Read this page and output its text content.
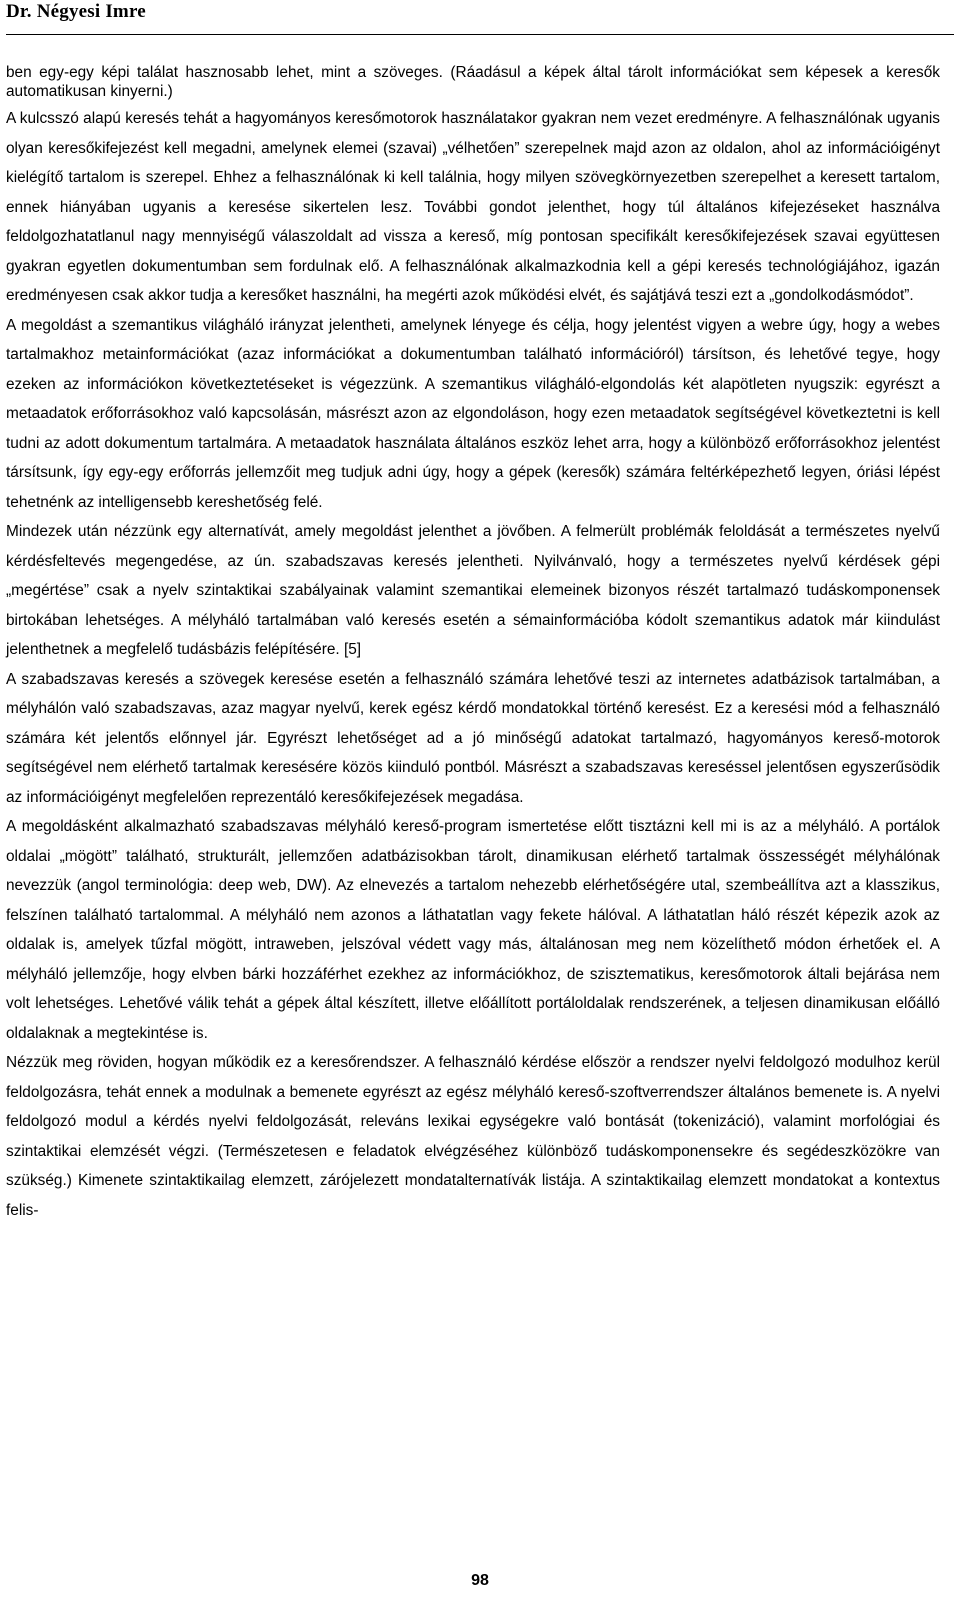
Dr. Négyesi Imre

ben egy-egy képi találat hasznosabb lehet, mint a szöveges. (Ráadásul a képek által tárolt információkat sem képesek a keresők automatikusan kinyerni.)

A kulcsszó alapú keresés tehát a hagyományos keresőmotorok használatakor gyakran nem vezet eredményre. A felhasználónak ugyanis olyan keresőkifejezést kell megadni, amelynek elemei (szavai) „vélhetően” szerepelnek majd azon az oldalon, ahol az információigényt kielégítő tartalom is szerepel. Ehhez a felhasználónak ki kell találnia, hogy milyen szövegkörnyezetben szerepelhet a keresett tartalom, ennek hiányában ugyanis a keresése sikertelen lesz. További gondot jelenthet, hogy túl általános kifejezéseket használva feldolgozhatatlanul nagy mennyiségű válaszoldalt ad vissza a kereső, míg pontosan specifikált keresőkifejezések szavai együttesen gyakran egyetlen dokumentumban sem fordulnak elő. A felhasználónak alkalmazkodnia kell a gépi keresés technológiájához, igazán eredményesen csak akkor tudja a keresőket használni, ha megérti azok működési elvét, és sajátjává teszi ezt a „gondolkodásmódot”.

A megoldást a szemantikus világháló irányzat jelentheti, amelynek lényege és célja, hogy jelentést vigyen a webre úgy, hogy a webes tartalmakhoz metainformációkat (azaz információkat a dokumentumban található információról) társítson, és lehetővé tegye, hogy ezeken az információkon következtetéseket is végezzünk. A szemantikus világháló-elgondolás két alapötleten nyugszik: egyrészt a metaadatok erőforrásokhoz való kapcsolásán, másrészt azon az elgondoláson, hogy ezen metaadatok segítségével következtetni is kell tudni az adott dokumentum tartalmára. A metaadatok használata általános eszköz lehet arra, hogy a különböző erőforrásokhoz jelentést társítsunk, így egy-egy erőforrás jellemzőit meg tudjuk adni úgy, hogy a gépek (keresők) számára feltérképezhető legyen, óriási lépést tehetnénk az intelligensebb kereshetőség felé.

Mindezek után nézzünk egy alternatívát, amely megoldást jelenthet a jövőben. A felmerült problémák feloldását a természetes nyelvű kérdésfeltevés megengedése, az ún. szabadszavas keresés jelentheti. Nyilvánvaló, hogy a természetes nyelvű kérdések gépi „megértése” csak a nyelv szintaktikai szabályainak valamint szemantikai elemeinek bizonyos részét tartalmazó tudáskomponensek birtokában lehetséges. A mélyháló tartalmában való keresés esetén a sémainformációba kódolt szemantikus adatok már kiindulást jelenthetnek a megfelelő tudásbázis felépítésére. [5]

A szabadszavas keresés a szövegek keresése esetén a felhasználó számára lehetővé teszi az internetes adatbázisok tartalmában, a mélyhálón való szabadszavas, azaz magyar nyelvű, kerek egész kérdő mondatokkal történő keresést. Ez a keresési mód a felhasználó számára két jelentős előnnyel jár. Egyrészt lehetőséget ad a jó minőségű adatokat tartalmazó, hagyományos kereső-motorok segítségével nem elérhető tartalmak keresésére közös kiinduló pontból. Másrészt a szabadszavas kereséssel jelentősen egyszerűsödik az információigényt megfelelően reprezentáló keresőkifejezések megadása.

A megoldásként alkalmazható szabadszavas mélyháló kereső-program ismertetése előtt tisztázni kell mi is az a mélyháló. A portálok oldalai „mögött” található, strukturált, jellemzően adatbázisokban tárolt, dinamikusan elérhető tartalmak összességét mélyhálónak nevezzük (angol terminológia: deep web, DW). Az elnevezés a tartalom nehezebb elérhetőségére utal, szembeállítva azt a klasszikus, felszínen található tartalommal. A mélyháló nem azonos a láthatatlan vagy fekete hálóval. A láthatatlan háló részét képezik azok az oldalak is, amelyek tűzfal mögött, intraweben, jelszóval védett vagy más, általánosan meg nem közelíthető módon érhetőek el. A mélyháló jellemzője, hogy elvben bárki hozzáférhet ezekhez az információkhoz, de szisztematikus, keresőmotorok általi bejárása nem volt lehetséges. Lehetővé válik tehát a gépek által készített, illetve előállított portáloldalak rendszerének, a teljesen dinamikusan előálló oldalaknak a megtekintése is.

Nézzük meg röviden, hogyan működik ez a keresőrendszer. A felhasználó kérdése először a rendszer nyelvi feldolgozó modulhoz kerül feldolgozásra, tehát ennek a modulnak a bemenete egyrészt az egész mélyháló kereső-szoftverrendszer általános bemenete is. A nyelvi feldolgozó modul a kérdés nyelvi feldolgozását, releváns lexikai egységekre való bontását (tokenizáció), valamint morfológiai és szintaktikai elemzését végzi. (Természetesen e feladatok elvégzéséhez különböző tudáskomponensekre és segédeszközökre van szükség.) Kimenete szintaktikailag elemzett, zárójelezett mondatalternatívák listája. A szintaktikailag elemzett mondatokat a kontextus felis-

98
